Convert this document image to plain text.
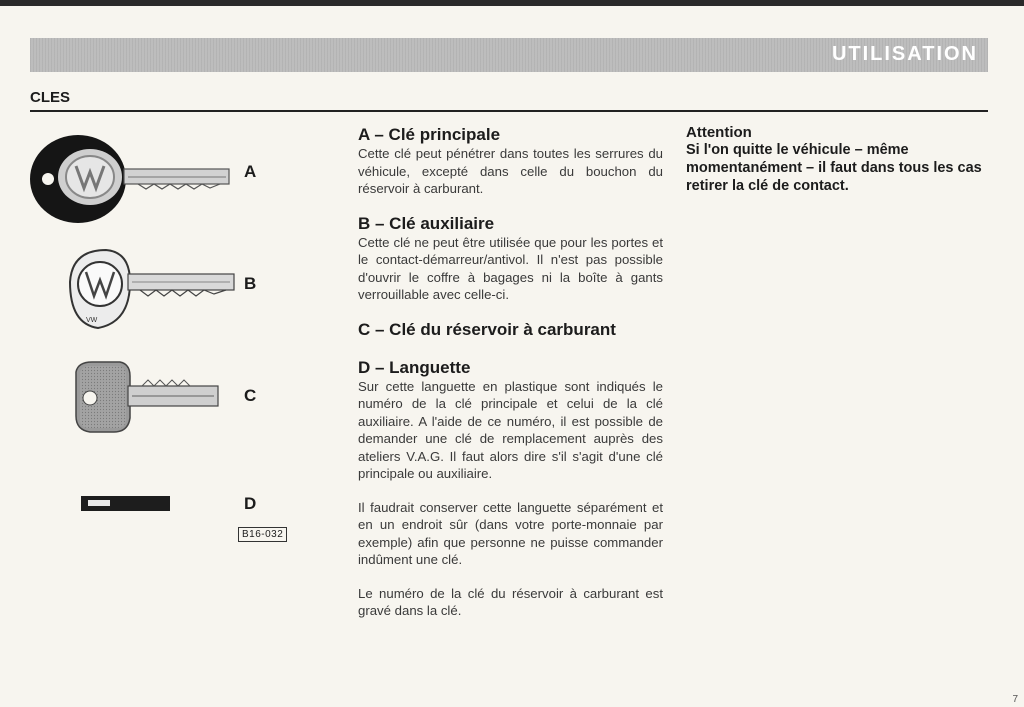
UTILISATION
CLES
A
VW
B
C
D
B16-032
A – Clé principale

Cette clé peut pénétrer dans toutes les serrures du véhicule, excepté dans celle du bouchon du réservoir à carburant.

B – Clé auxiliaire

Cette clé ne peut être utilisée que pour les portes et le contact-démarreur/antivol. Il n'est pas possible d'ouvrir le coffre à bagages ni la boîte à gants verrouillable avec celle-ci.

C – Clé du réservoir à carburant
D – Languette

Sur cette languette en plastique sont indiqués le numéro de la clé principale et celui de la clé auxiliaire. A l'aide de ce numéro, il est possible de demander une clé de remplacement auprès des ateliers V.A.G. Il faut alors dire s'il s'agit d'une clé principale ou auxiliaire.

Il faudrait conserver cette languette séparément et en un endroit sûr (dans votre porte-monnaie par exemple) afin que personne ne puisse commander indûment une clé.

Le numéro de la clé du réservoir à carburant est gravé dans la clé.

Attention

Si l'on quitte le véhicule – même momentanément – il faut dans tous les cas retirer la clé de contact.

7
